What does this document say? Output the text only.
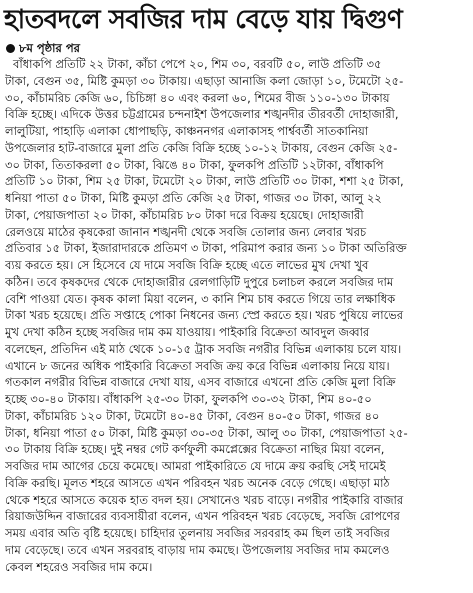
হাতবদলে সবজির দাম বেড়ে যায় দ্বিগুণ
৮ম পৃষ্ঠার পর
বাঁধাকপি প্রতিটি ২২ টাকা, কাঁচা পেপে ২০, শিম ৩০, বরবটি ৫০, লাউ প্রতিটি ৩৫
টাকা, বেগুন ৩৫, মিষ্টি কুমড়া ৩০ টাকায়। এছাড়া আনাজি কলা জোড়া ১০, টমেটো ২৫-
৩০, কাঁচামরিচ কেজি ৬০, চিচিঙ্গা ৪০ এবং করলা ৬০, শিমের বীজ ১১০-১৩০ টাকায়
বিক্রি হচ্ছে। এদিকে উত্তর চট্টগ্রামের চন্দনাইশ উপজেলার শঙ্খনদীর তীরবর্তী দোহাজারী,
লালুটিয়া, পাহাড়ি এলাকা ধোপাছড়ি, কাঞ্চননগর এলাকাসহ পার্শ্ববর্তী সাতকানিয়া
উপজেলার হাট-বাজারে মুলা প্রতি কেজি বিক্রি হচ্ছে ১০-১২ টাকায়, বেগুন কেজি ২৫-
৩০ টাকা, তিতাকরলা ৫০ টাকা, ঝিঙে ৪০ টাকা, ফুলকপি প্রতিটি ১২টাকা, বাঁধাকপি
প্রতিটি ১০ টাকা, শিম ২৫ টাকা, টমেটো ২০ টাকা, লাউ প্রতিটি ৩০ টাকা, শশা ২৫ টাকা,
ধনিয়া পাতা ৫০ টাকা, মিষ্টি কুমড়া প্রতি কেজি ২৫ টাকা, গাজর ৩০ টাকা, আলু ২২
টাকা, পেয়াজপাতা ২০ টাকা, কাঁচামরিচ ৮০ টাকা দরে বিক্রয় হয়েছে। দোহাজারী
রেলওয়ে মাঠের কৃষকেরা জানান শঙ্খনদী থেকে সবজি তোলার জন্য লেবার খরচ
প্রতিবার ১৫ টাকা, ইজারাদারকে প্রতিমণ ৩ টাকা, পরিমাপ করার জন্য ১০ টাকা অতিরিক্ত
ব্যয় করতে হয়। সে হিসেবে যে দামে সবজি বিক্রি হচ্ছে এতে লাভের মুখ দেখা খুব
কঠিন। তবে কৃষকদের থেকে দোহাজারীর রেলগাড়িটি দুপুরে চলাচল করলে সবজির দাম
বেশি পাওয়া যেত। কৃষক কালা মিয়া বলেন, ৩ কানি শিম চাষ করতে গিয়ে তার লক্ষাধিক
টাকা খরচ হয়েছে। প্রতি সপ্তাহে পোকা নিধনের জন্য স্প্রে করতে হয়। খরচ পুষিয়ে লাভের
মুখ দেখা কঠিন হচ্ছে সবজির দাম কম যাওয়ায়। পাইকারি বিক্রেতা আবদুল জব্বার
বলেছেন, প্রতিদিন এই মাঠ থেকে ১০-১৫ ট্রাক সবজি নগরীর বিভিন্ন এলাকায় চলে যায়।
এখানে ৮ জনের অধিক পাইকারি বিক্রেতা সবজি ক্রয় করে বিভিন্ন এলাকায় নিয়ে যায়।
গতকাল নগরীর বিভিন্ন বাজারে দেখা যায়, এসব বাজারে এখনো প্রতি কেজি মুলা বিক্রি
হচ্ছে ৩০-৪০ টাকায়। বাঁধাকপি ২৫-৩০ টাকা, ফুলকপি ৩০-৩২ টাকা, শিম ৪০-৫০
টাকা, কাঁচামরিচ ১২০ টাকা, টমেটো ৪০-৪৫ টাকা, বেগুন ৪০-৫০ টাকা, গাজর ৪০
টাকা, ধনিয়া পাতা ৫০ টাকা, মিষ্টি কুমড়া ৩০-৩৫ টাকা, আলু ৩০ টাকা, পেয়াজপাতা ২৫-
৩০ টাকায় বিক্রি হচ্ছে। দুই নম্বর গেট কর্ণফুলী কমপ্লেক্সের বিক্রেতা নাছির মিয়া বলেন,
সবজির দাম আগের চেয়ে কমেছে। আমরা পাইকারিতে যে দামে ক্রয় করছি সেই দামেই
বিক্রি করছি। মূলত শহরে আসতে এখন পরিবহন খরচ অনেক বেড়ে গেছে। এছাড়া মাঠ
থেকে শহরে আসতে কয়েক হাত বদল হয়। সেখানেও খরচ বাড়ে। নগরীর পাইকারি বাজার
রিয়াজউদ্দিন বাজারের ব্যবসায়ীরা বলেন, এখন পরিবহন খরচ বেড়েছে, সবজি রোপণের
সময় এবার অতি বৃষ্টি হয়েছে। চাহিদার তুলনায় সবজির সরবরাহ কম ছিল তাই সবজির
দাম বেড়েছে। তবে এখন সরবরাহ বাড়ায় দাম কমছে। উপজেলায় সবজির দাম কমলেও
কেবল শহরেও সবজির দাম কমে।
